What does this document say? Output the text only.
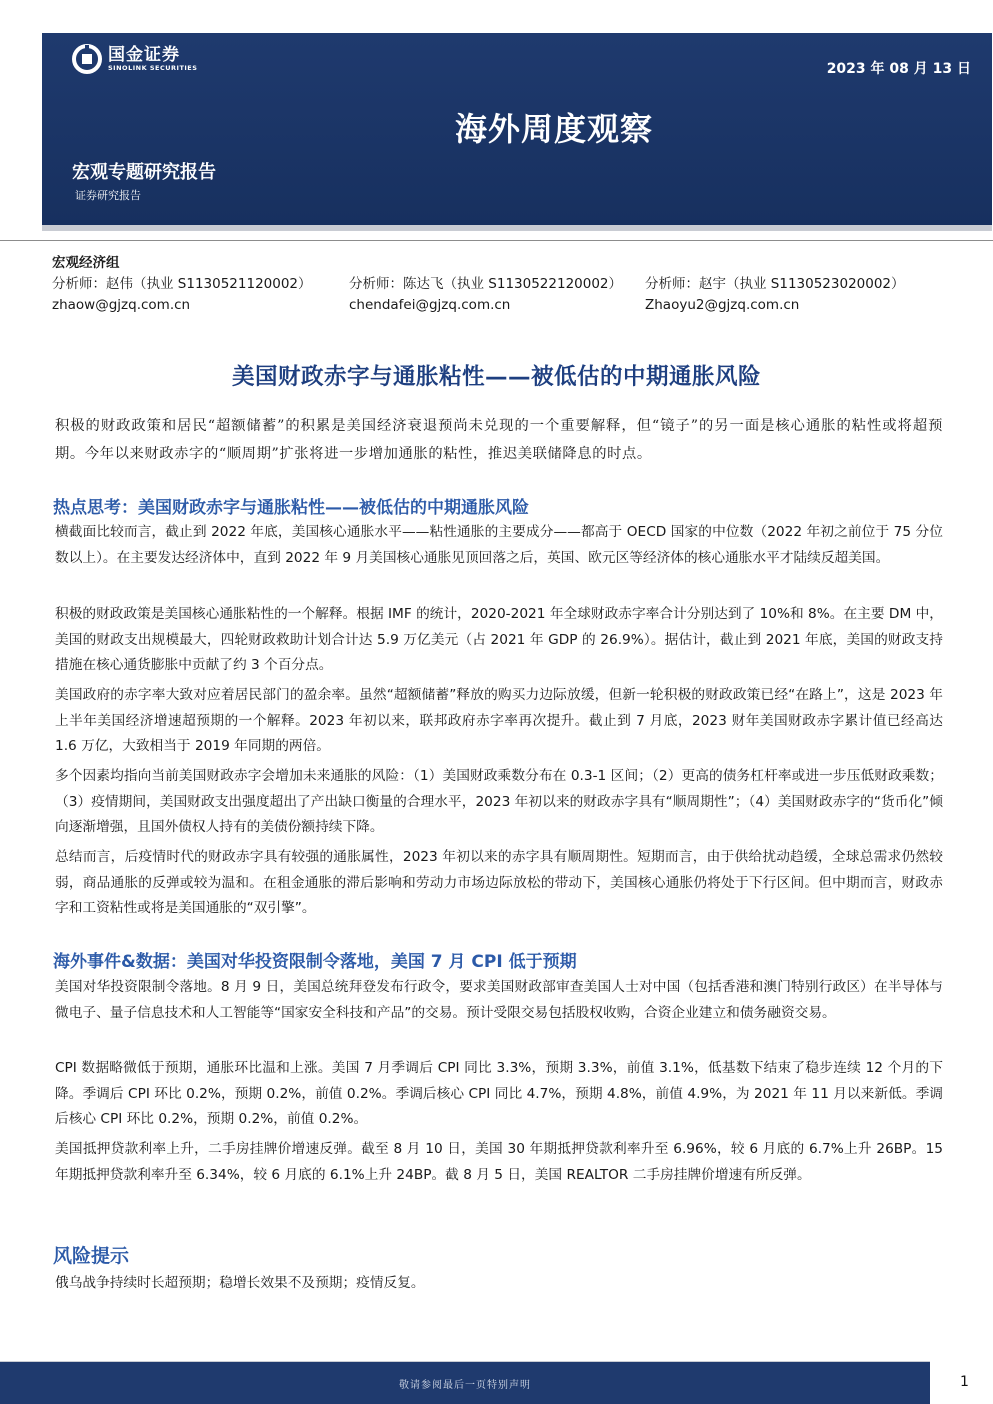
国金证券
SINOLINK SECURITIES	2023 年 08 月 13 日
海外周度观察
宏观专题研究报告
证券研究报告
宏观经济组
分析师：赵伟（执业 S1130521120002）	分析师：陈达飞（执业 S1130522120002）	分析师：赵宇（执业 S1130523020002）
zhaow@gjzq.com.cn	chendafei@gjzq.com.cn	Zhaoyu2@gjzq.com.cn
美国财政赤字与通胀粘性——被低估的中期通胀风险
积极的财政政策和居民“超额储蓄”的积累是美国经济衰退预尚未兑现的一个重要解释，但“镜子”的另一面是核心通胀的粘性或将超预期。今年以来财政赤字的“顺周期”扩张将进一步增加通胀的粘性，推迟美联储降息的时点。
热点思考：美国财政赤字与通胀粘性——被低估的中期通胀风险
横截面比较而言，截止到 2022 年底，美国核心通胀水平——粘性通胀的主要成分——都高于 OECD 国家的中位数（2022 年初之前位于 75 分位数以上）。在主要发达经济体中，直到 2022 年 9 月美国核心通胀见顶回落之后，英国、欧元区等经济体的核心通胀水平才陆续反超美国。
积极的财政政策是美国核心通胀粘性的一个解释。根据 IMF 的统计，2020-2021 年全球财政赤字率合计分别达到了 10%和 8%。在主要 DM 中，美国的财政支出规模最大，四轮财政救助计划合计达 5.9 万亿美元（占 2021 年 GDP 的 26.9%）。据估计，截止到 2021 年底，美国的财政支持措施在核心通货膨胀中贡献了约 3 个百分点。
美国政府的赤字率大致对应着居民部门的盈余率。虽然“超额储蓄”释放的购买力边际放缓，但新一轮积极的财政政策已经“在路上”，这是 2023 年上半年美国经济增速超预期的一个解释。2023 年初以来，联邦政府赤字率再次提升。截止到 7 月底，2023 财年美国财政赤字累计值已经高达 1.6 万亿，大致相当于 2019 年同期的两倍。
多个因素均指向当前美国财政赤字会增加未来通胀的风险：（1）美国财政乘数分布在 0.3-1 区间；（2）更高的债务杠杆率或进一步压低财政乘数；（3）疫情期间，美国财政支出强度超出了产出缺口衡量的合理水平，2023 年初以来的财政赤字具有“顺周期性”；（4）美国财政赤字的“货币化”倾向逐渐增强，且国外债权人持有的美债份额持续下降。
总结而言，后疫情时代的财政赤字具有较强的通胀属性，2023 年初以来的赤字具有顺周期性。短期而言，由于供给扰动趋缓，全球总需求仍然较弱，商品通胀的反弹或较为温和。在租金通胀的滞后影响和劳动力市场边际放松的带动下，美国核心通胀仍将处于下行区间。但中期而言，财政赤字和工资粘性或将是美国通胀的“双引擎”。
海外事件&数据：美国对华投资限制令落地，美国 7 月 CPI 低于预期
美国对华投资限制令落地。8 月 9 日，美国总统拜登发布行政令，要求美国财政部审查美国人士对中国（包括香港和澳门特别行政区）在半导体与微电子、量子信息技术和人工智能等“国家安全科技和产品”的交易。预计受限交易包括股权收购，合资企业建立和债务融资交易。
CPI 数据略微低于预期，通胀环比温和上涨。美国 7 月季调后 CPI 同比 3.3%，预期 3.3%，前值 3.1%，低基数下结束了稳步连续 12 个月的下降。季调后 CPI 环比 0.2%，预期 0.2%，前值 0.2%。季调后核心 CPI 同比 4.7%，预期 4.8%，前值 4.9%，为 2021 年 11 月以来新低。季调后核心 CPI 环比 0.2%，预期 0.2%，前值 0.2%。
美国抵押贷款利率上升，二手房挂牌价增速反弹。截至 8 月 10 日，美国 30 年期抵押贷款利率升至 6.96%，较 6 月底的 6.7%上升 26BP。15 年期抵押贷款利率升至 6.34%，较 6 月底的 6.1%上升 24BP。截 8 月 5 日，美国 REALTOR 二手房挂牌价增速有所反弹。
风险提示
俄乌战争持续时长超预期；稳增长效果不及预期；疫情反复。
敬请参阅最后一页特别声明	1
